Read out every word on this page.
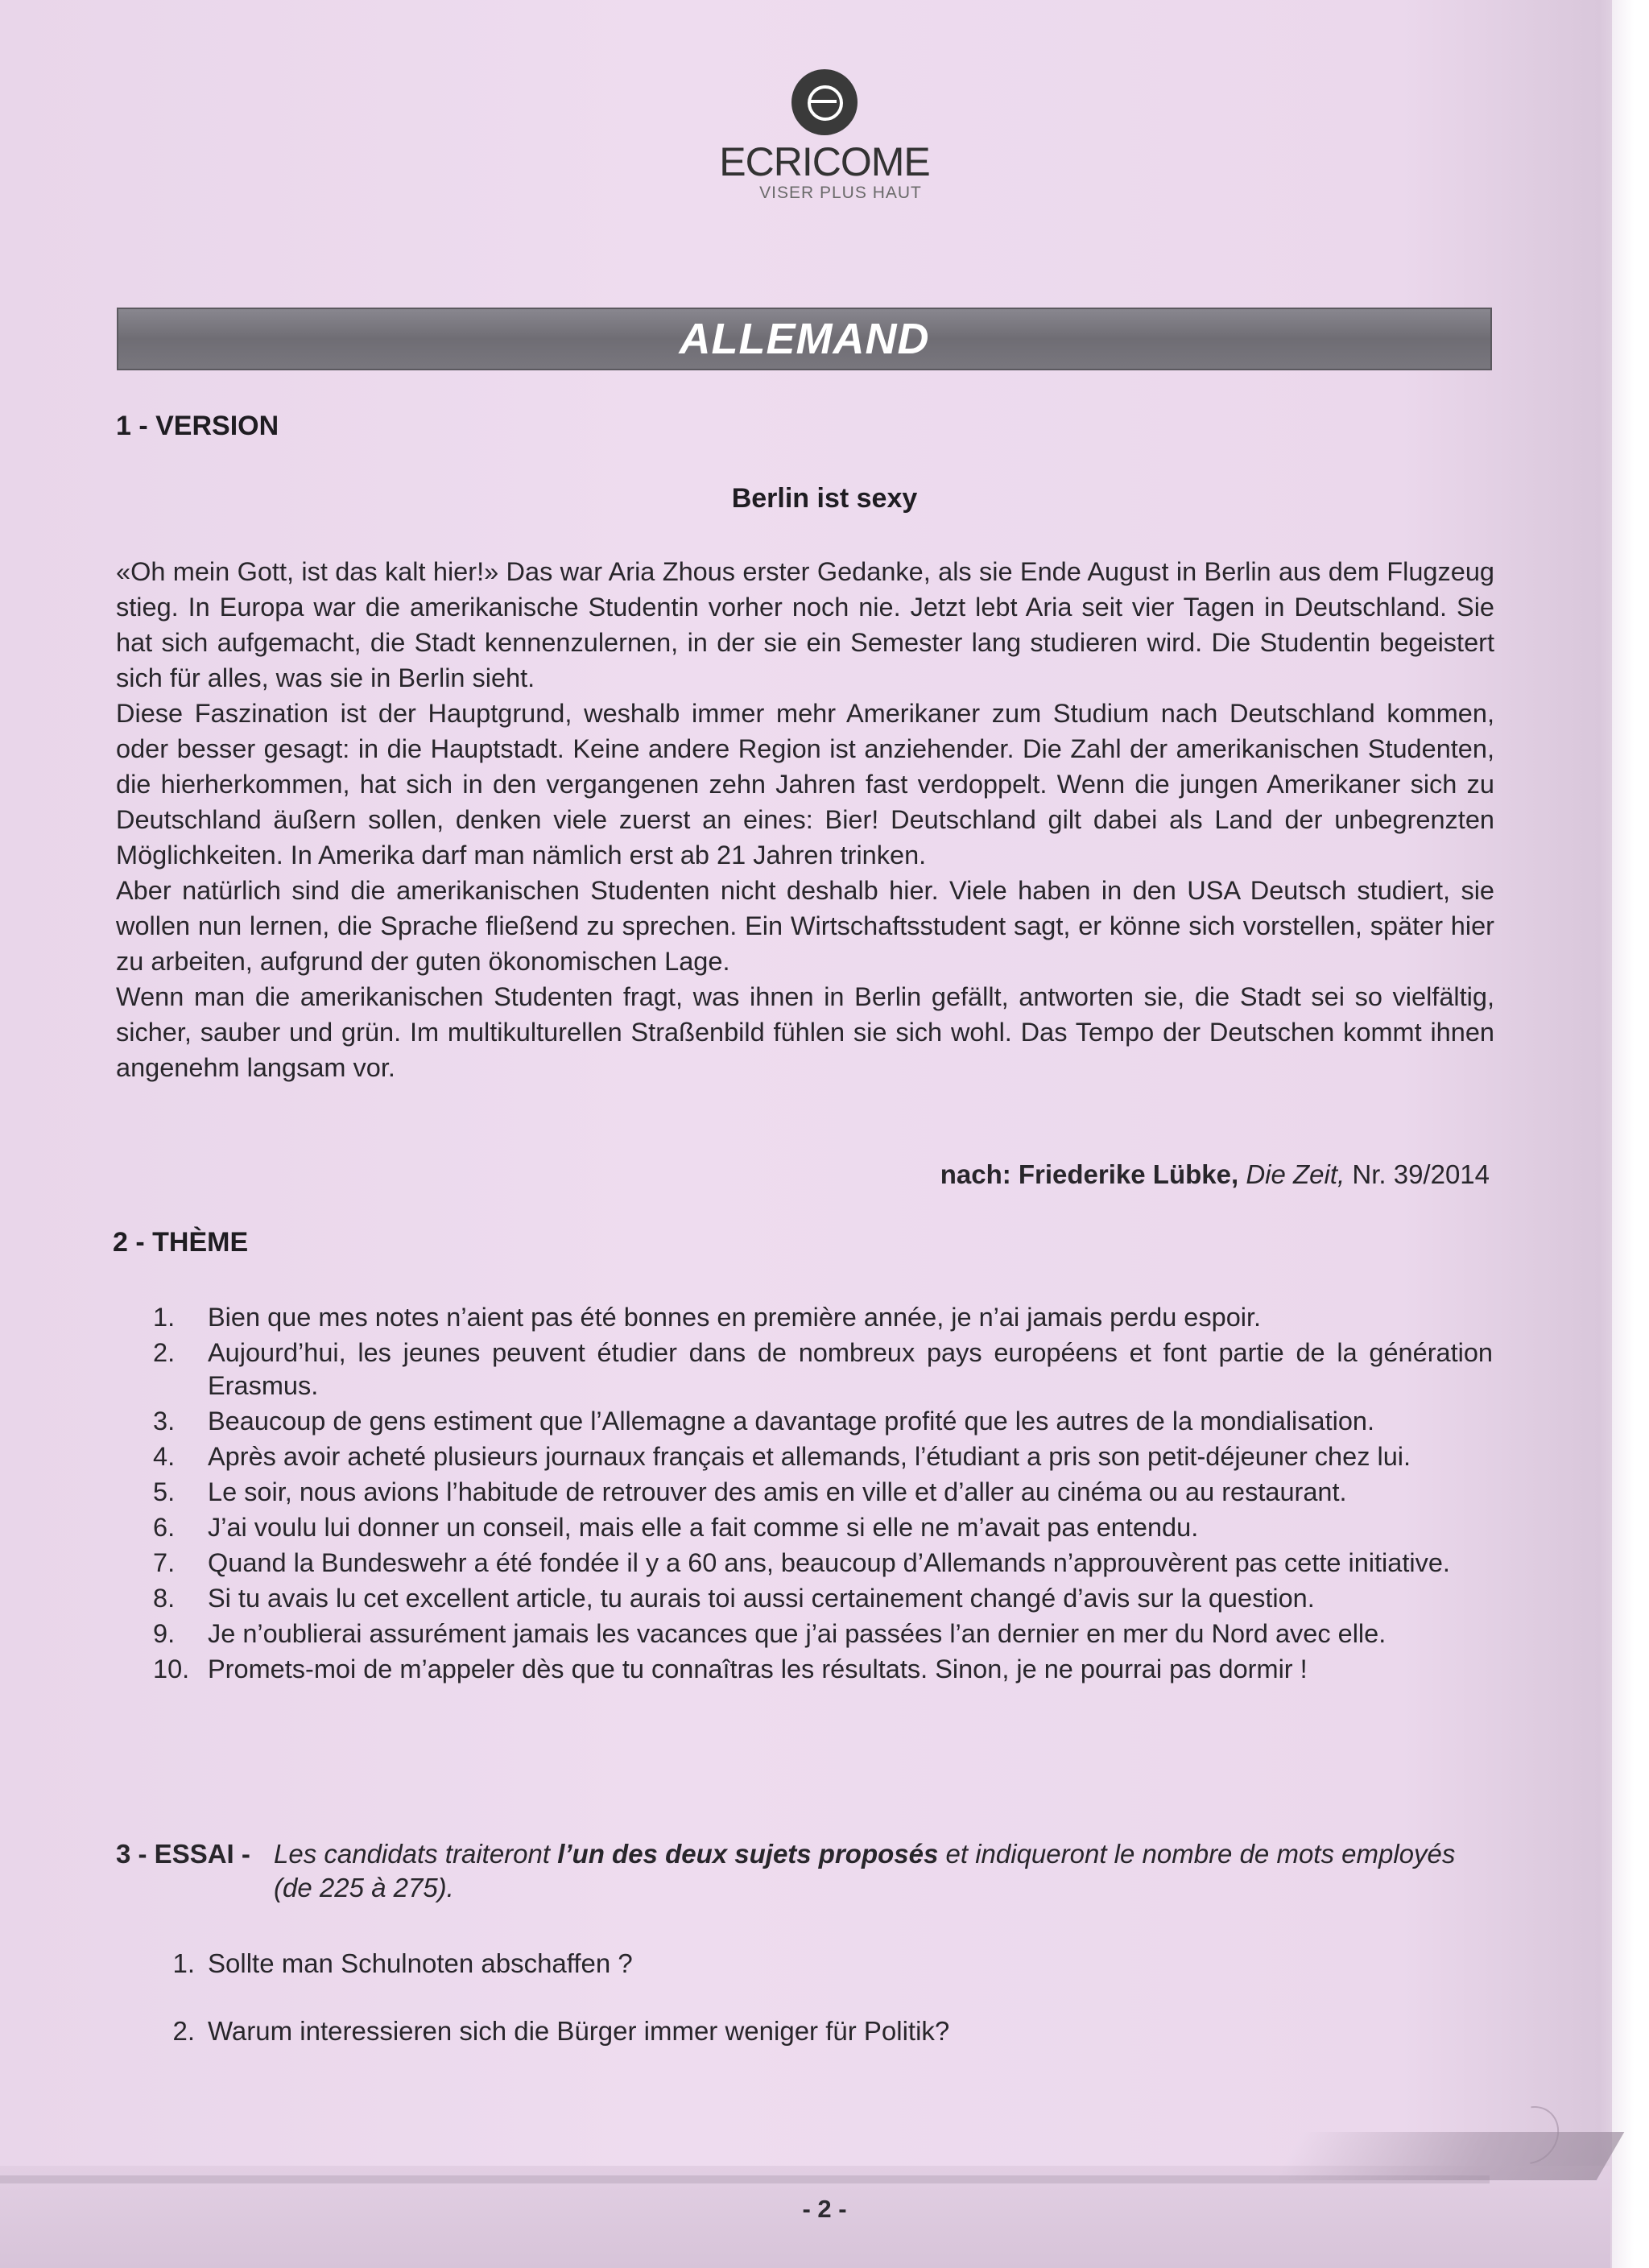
ECRICOME
VISER PLUS HAUT
ALLEMAND
1 - VERSION
Berlin ist sexy

«Oh mein Gott, ist das kalt hier!» Das war Aria Zhous erster Gedanke, als sie Ende August in Berlin aus dem Flugzeug stieg. In Europa war die amerikanische Studentin vorher noch nie. Jetzt lebt Aria seit vier Tagen in Deutschland. Sie hat sich aufgemacht, die Stadt kennenzulernen, in der sie ein Semester lang studieren wird. Die Studentin begeistert sich für alles, was sie in Berlin sieht.

Diese Faszination ist der Hauptgrund, weshalb immer mehr Amerikaner zum Studium nach Deutschland kommen, oder besser gesagt: in die Hauptstadt. Keine andere Region ist anziehender. Die Zahl der amerikanischen Studenten, die hierherkommen, hat sich in den vergangenen zehn Jahren fast verdoppelt. Wenn die jungen Amerikaner sich zu Deutschland äußern sollen, denken viele zuerst an eines: Bier! Deutschland gilt dabei als Land der unbegrenzten Möglichkeiten. In Amerika darf man nämlich erst ab 21 Jahren trinken.

Aber natürlich sind die amerikanischen Studenten nicht deshalb hier. Viele haben in den USA Deutsch studiert, sie wollen nun lernen, die Sprache fließend zu sprechen. Ein Wirtschaftsstudent sagt, er könne sich vorstellen, später hier zu arbeiten, aufgrund der guten ökonomischen Lage.

Wenn man die amerikanischen Studenten fragt, was ihnen in Berlin gefällt, antworten sie, die Stadt sei so vielfältig, sicher, sauber und grün. Im multikulturellen Straßenbild fühlen sie sich wohl. Das Tempo der Deutschen kommt ihnen angenehm langsam vor.

nach: Friederike Lübke, Die Zeit, Nr. 39/2014
2 - THÈME
1.	Bien que mes notes n’aient pas été bonnes en première année, je n’ai jamais perdu espoir.
2.	Aujourd’hui, les jeunes peuvent étudier dans de nombreux pays européens et font partie de la génération Erasmus.
3.	Beaucoup de gens estiment que l’Allemagne a davantage profité que les autres de la mondialisation.
4.	Après avoir acheté plusieurs journaux français et allemands, l’étudiant a pris son petit-déjeuner chez lui.
5.	Le soir, nous avions l’habitude de retrouver des amis en ville et d’aller au cinéma ou au restaurant.
6.	J’ai voulu lui donner un conseil, mais elle a fait comme si elle ne m’avait pas entendu.
7.	Quand la Bundeswehr a été fondée il y a 60 ans, beaucoup d’Allemands n’approuvèrent pas cette initiative.
8.	Si tu avais lu cet excellent article, tu aurais toi aussi certainement changé d’avis sur la question.
9.	Je n’oublierai assurément jamais les vacances que j’ai passées l’an dernier en mer du Nord avec elle.
10. Promets-moi de m’appeler dès que tu connaîtras les résultats. Sinon, je ne pourrai pas dormir !
3 - ESSAI - Les candidats traiteront l’un des deux sujets proposés et indiqueront le nombre de mots employés (de 225 à 275).
1. Sollte man Schulnoten abschaffen ?
2. Warum interessieren sich die Bürger immer weniger für Politik?
- 2 -
